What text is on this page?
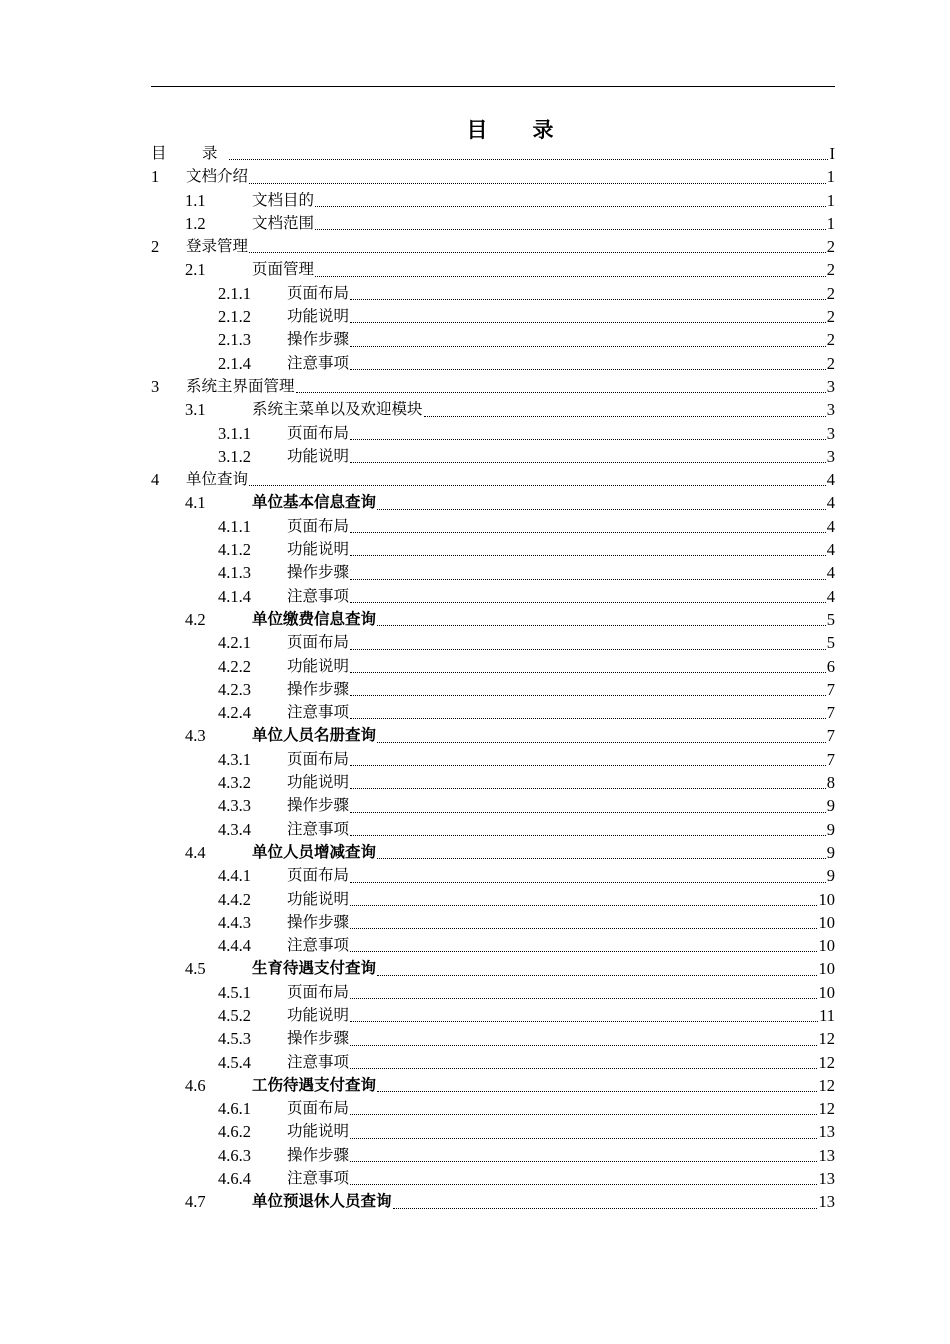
目　录
目　录	I
1 文档介绍	1
1.1	文档目的	1
1.2	文档范围	1
2 登录管理	2
2.1	页面管理	2
2.1.1 页面布局	2
2.1.2 功能说明	2
2.1.3 操作步骤	2
2.1.4 注意事项	2
3 系统主界面管理	3
3.1	系统主菜单以及欢迎模块	3
3.1.1 页面布局	3
3.1.2 功能说明	3
4 单位查询	4
4.1	单位基本信息查询	4
4.1.1 页面布局	4
4.1.2 功能说明	4
4.1.3 操作步骤	4
4.1.4 注意事项	4
4.2	单位缴费信息查询	5
4.2.1 页面布局	5
4.2.2 功能说明	6
4.2.3 操作步骤	7
4.2.4 注意事项	7
4.3	单位人员名册查询	7
4.3.1 页面布局	7
4.3.2 功能说明	8
4.3.3 操作步骤	9
4.3.4 注意事项	9
4.4	单位人员增减查询	9
4.4.1 页面布局	9
4.4.2 功能说明	10
4.4.3 操作步骤	10
4.4.4 注意事项	10
4.5	生育待遇支付查询	10
4.5.1 页面布局	10
4.5.2 功能说明	11
4.5.3 操作步骤	12
4.5.4 注意事项	12
4.6	工伤待遇支付查询	12
4.6.1 页面布局	12
4.6.2 功能说明	13
4.6.3 操作步骤	13
4.6.4 注意事项	13
4.7	单位预退休人员查询	13
